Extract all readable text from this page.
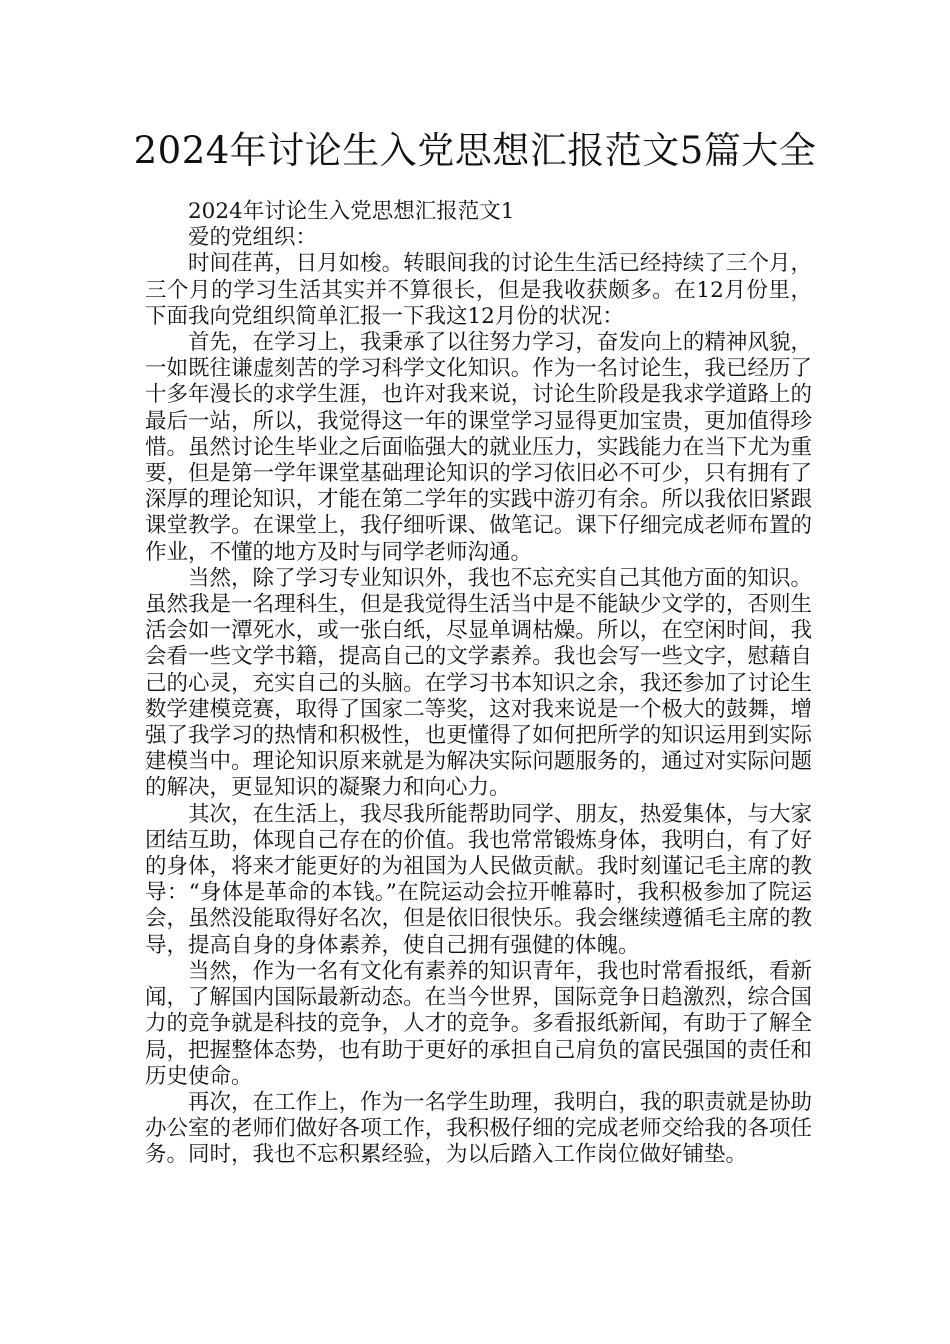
2024年讨论生入党思想汇报范文5篇大全

2024年讨论生入党思想汇报范文1

爱的党组织：

时间荏苒，日月如梭。转眼间我的讨论生生活已经持续了三个月，三个月的学习生活其实并不算很长，但是我收获颇多。在12月份里，下面我向党组织简单汇报一下我这12月份的状况：

首先，在学习上，我秉承了以往努力学习，奋发向上的精神风貌，一如既往谦虚刻苦的学习科学文化知识。作为一名讨论生，我已经历了十多年漫长的求学生涯，也许对我来说，讨论生阶段是我求学道路上的最后一站，所以，我觉得这一年的课堂学习显得更加宝贵，更加值得珍惜。虽然讨论生毕业之后面临强大的就业压力，实践能力在当下尤为重要，但是第一学年课堂基础理论知识的学习依旧必不可少，只有拥有了深厚的理论知识，才能在第二学年的实践中游刃有余。所以我依旧紧跟课堂教学。在课堂上，我仔细听课、做笔记。课下仔细完成老师布置的作业，不懂的地方及时与同学老师沟通。

当然，除了学习专业知识外，我也不忘充实自己其他方面的知识。虽然我是一名理科生，但是我觉得生活当中是不能缺少文学的，否则生活会如一潭死水，或一张白纸，尽显单调枯燥。所以，在空闲时间，我会看一些文学书籍，提高自己的文学素养。我也会写一些文字，慰藉自己的心灵，充实自己的头脑。在学习书本知识之余，我还参加了讨论生数学建模竞赛，取得了国家二等奖，这对我来说是一个极大的鼓舞，增强了我学习的热情和积极性，也更懂得了如何把所学的知识运用到实际建模当中。理论知识原来就是为解决实际问题服务的，通过对实际问题的解决，更显知识的凝聚力和向心力。

其次，在生活上，我尽我所能帮助同学、朋友，热爱集体，与大家团结互助，体现自己存在的价值。我也常常锻炼身体，我明白，有了好的身体，将来才能更好的为祖国为人民做贡献。我时刻谨记毛主席的教导：“身体是革命的本钱。”在院运动会拉开帷幕时，我积极参加了院运会，虽然没能取得好名次，但是依旧很快乐。我会继续遵循毛主席的教导，提高自身的身体素养，使自己拥有强健的体魄。

当然，作为一名有文化有素养的知识青年，我也时常看报纸，看新闻，了解国内国际最新动态。在当今世界，国际竞争日趋激烈，综合国力的竞争就是科技的竞争，人才的竞争。多看报纸新闻，有助于了解全局，把握整体态势，也有助于更好的承担自己肩负的富民强国的责任和历史使命。

再次，在工作上，作为一名学生助理，我明白，我的职责就是协助办公室的老师们做好各项工作，我积极仔细的完成老师交给我的各项任务。同时，我也不忘积累经验，为以后踏入工作岗位做好铺垫。
